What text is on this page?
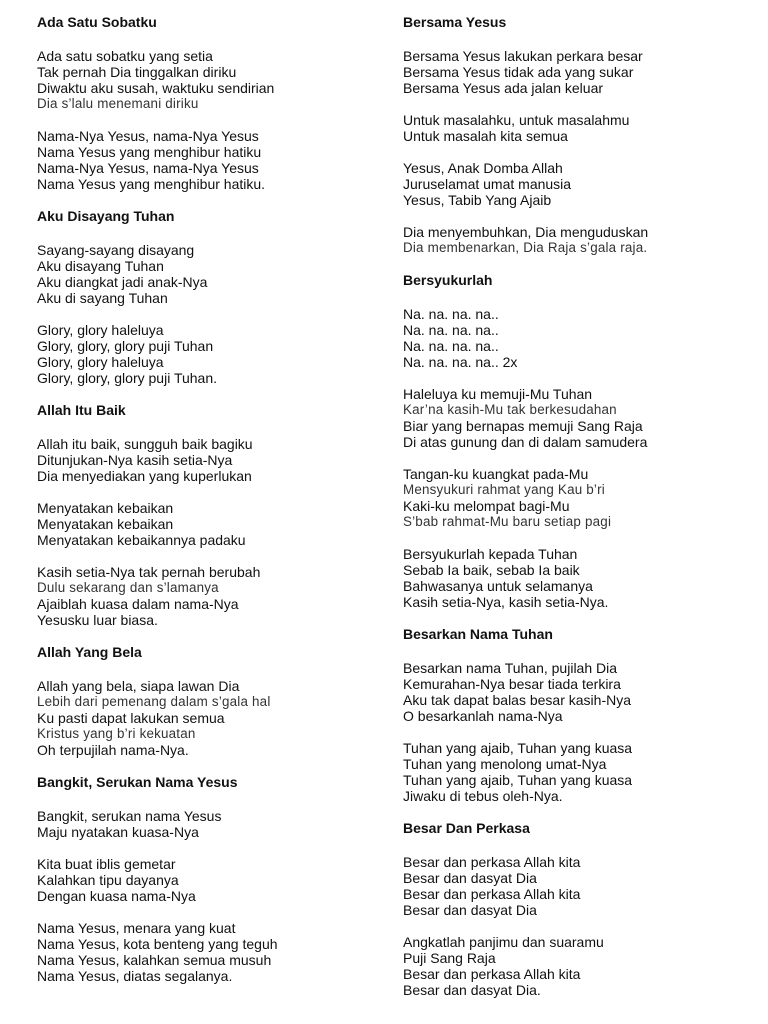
Ada Satu Sobatku
Ada satu sobatku yang setia
Tak pernah Dia tinggalkan diriku
Diwaktu aku susah, waktuku sendirian
Dia s’lalu menemani diriku
Nama-Nya Yesus, nama-Nya Yesus
Nama Yesus yang menghibur hatiku
Nama-Nya Yesus, nama-Nya Yesus
Nama Yesus yang menghibur hatiku.
Aku Disayang Tuhan
Sayang-sayang disayang
Aku disayang Tuhan
Aku diangkat jadi anak-Nya
Aku di sayang Tuhan
Glory, glory haleluya
Glory, glory, glory puji Tuhan
Glory, glory haleluya
Glory, glory, glory puji Tuhan.
Allah Itu Baik
Allah itu baik, sungguh baik bagiku
Ditunjukan-Nya kasih setia-Nya
Dia menyediakan yang kuperlukan
Menyatakan kebaikan
Menyatakan kebaikan
Menyatakan kebaikannya padaku
Kasih setia-Nya tak pernah berubah
Dulu sekarang dan s’lamanya
Ajaiblah kuasa dalam nama-Nya
Yesusku luar biasa.
Allah Yang Bela
Allah yang bela, siapa lawan Dia
Lebih dari pemenang dalam s’gala hal
Ku pasti dapat lakukan semua
Kristus yang b’ri kekuatan
Oh terpujilah nama-Nya.
Bangkit, Serukan Nama Yesus
Bangkit, serukan nama Yesus
Maju nyatakan kuasa-Nya
Kita buat iblis gemetar
Kalahkan tipu dayanya
Dengan kuasa nama-Nya
Nama Yesus, menara yang kuat
Nama Yesus, kota benteng yang teguh
Nama Yesus, kalahkan semua musuh
Nama Yesus, diatas segalanya.
Bersama Yesus
Bersama Yesus lakukan perkara besar
Bersama Yesus tidak ada yang sukar
Bersama Yesus ada jalan keluar
Untuk masalahku, untuk masalahmu
Untuk masalah kita semua
Yesus, Anak Domba Allah
Juruselamat umat manusia
Yesus, Tabib Yang Ajaib
Dia menyembuhkan, Dia menguduskan
Dia membenarkan, Dia Raja s’gala raja.
Bersyukurlah
Na. na. na. na..
Na. na. na. na..
Na. na. na. na..
Na. na. na. na.. 2x
Haleluya ku memuji-Mu Tuhan
Kar’na kasih-Mu tak berkesudahan
Biar yang bernapas memuji Sang Raja
Di atas gunung dan di dalam samudera
Tangan-ku kuangkat pada-Mu
Mensyukuri rahmat yang Kau b’ri
Kaki-ku melompat bagi-Mu
S’bab rahmat-Mu baru setiap pagi
Bersyukurlah kepada Tuhan
Sebab Ia baik, sebab Ia baik
Bahwasanya untuk selamanya
Kasih setia-Nya, kasih setia-Nya.
Besarkan Nama Tuhan
Besarkan nama Tuhan, pujilah Dia
Kemurahan-Nya besar tiada terkira
Aku tak dapat balas besar kasih-Nya
O besarkanlah nama-Nya
Tuhan yang ajaib, Tuhan yang kuasa
Tuhan yang menolong umat-Nya
Tuhan yang ajaib, Tuhan yang kuasa
Jiwaku di tebus oleh-Nya.
Besar Dan Perkasa
Besar dan perkasa Allah kita
Besar dan dasyat Dia
Besar dan perkasa Allah kita
Besar dan dasyat Dia
Angkatlah panjimu dan suaramu
Puji Sang Raja
Besar dan perkasa Allah kita
Besar dan dasyat Dia.
